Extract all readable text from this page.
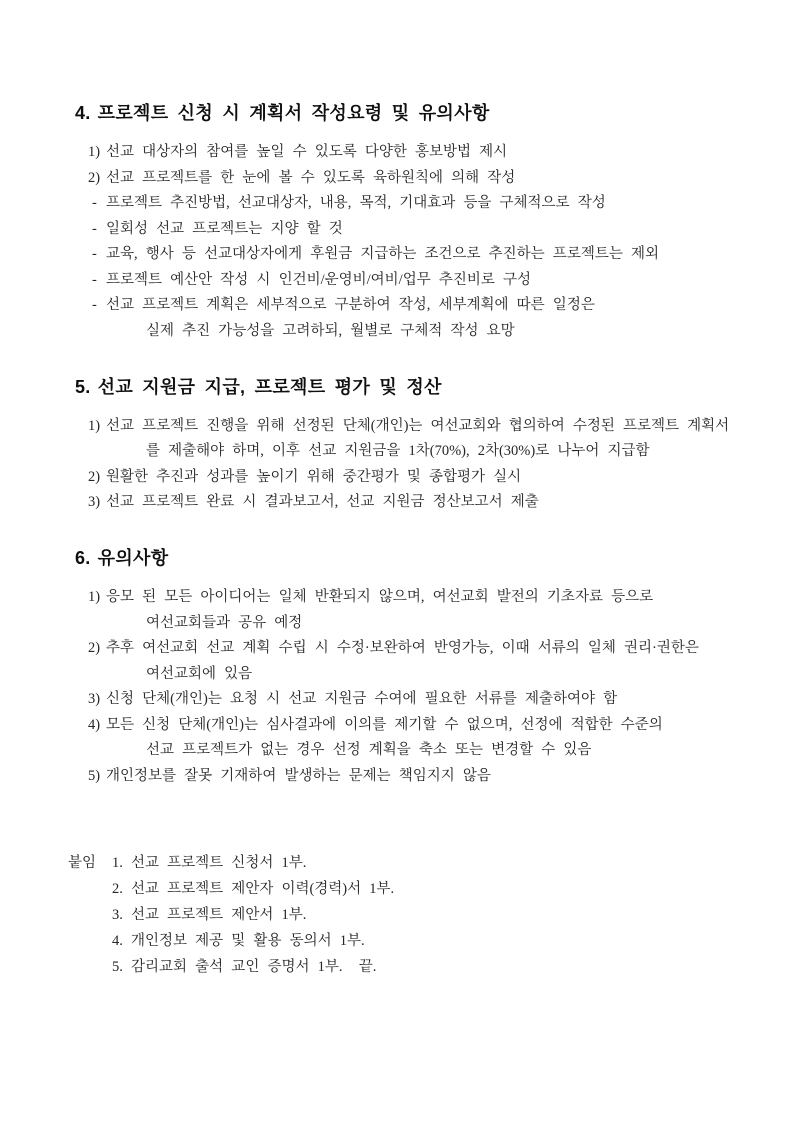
4. 프로젝트 신청 시 계획서 작성요령 및 유의사항
1) 선교 대상자의 참여를 높일 수 있도록 다양한 홍보방법 제시
2) 선교 프로젝트를 한 눈에 볼 수 있도록 육하원칙에 의해 작성
- 프로젝트 추진방법, 선교대상자, 내용, 목적, 기대효과 등을 구체적으로 작성
- 일회성 선교 프로젝트는 지양 할 것
- 교육, 행사 등 선교대상자에게 후원금 지급하는 조건으로 추진하는 프로젝트는 제외
- 프로젝트 예산안 작성 시 인건비/운영비/여비/업무 추진비로 구성
- 선교 프로젝트 계획은 세부적으로 구분하여 작성, 세부계획에 따른 일정은
실제 추진 가능성을 고려하되, 월별로 구체적 작성 요망
5. 선교 지원금 지급, 프로젝트 평가 및 정산
1) 선교 프로젝트 진행을 위해 선정된 단체(개인)는 여선교회와 협의하여 수정된 프로젝트 계획서
를 제출해야 하며, 이후 선교 지원금을 1차(70%), 2차(30%)로 나누어 지급함
2) 원활한 추진과 성과를 높이기 위해 중간평가 및 종합평가 실시
3) 선교 프로젝트 완료 시 결과보고서, 선교 지원금 정산보고서 제출
6. 유의사항
1) 응모 된 모든 아이디어는 일체 반환되지 않으며, 여선교회 발전의 기초자료 등으로
여선교회들과 공유 예정
2) 추후 여선교회 선교 계획 수립 시 수정·보완하여 반영가능, 이때 서류의 일체 권리·권한은
여선교회에 있음
3) 신청 단체(개인)는 요청 시 선교 지원금 수여에 필요한 서류를 제출하여야 함
4) 모든 신청 단체(개인)는 심사결과에 이의를 제기할 수 없으며, 선정에 적합한 수준의
선교 프로젝트가 없는 경우 선정 계획을 축소 또는 변경할 수 있음
5) 개인정보를 잘못 기재하여 발생하는 문제는 책임지지 않음
붙임 1. 선교 프로젝트 신청서 1부.
2. 선교 프로젝트 제안자 이력(경력)서 1부.
3. 선교 프로젝트 제안서 1부.
4. 개인정보 제공 및 활용 동의서 1부.
5. 감리교회 출석 교인 증명서 1부.  끝.
